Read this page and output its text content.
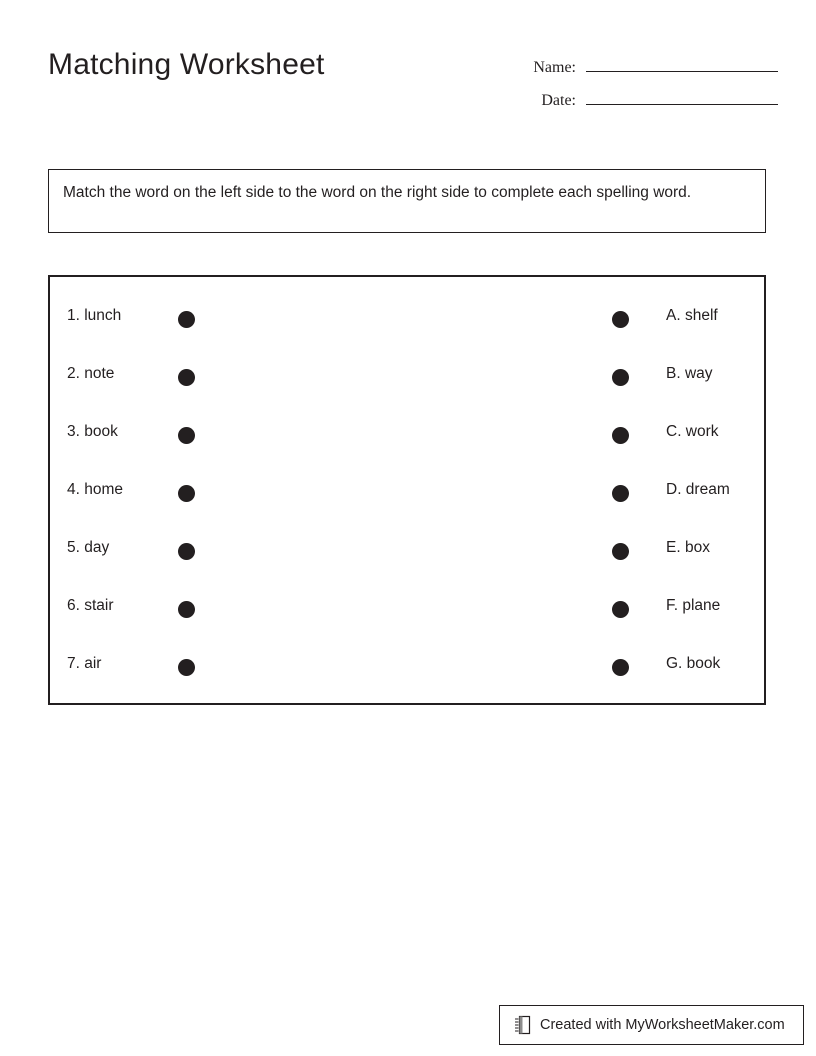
Matching Worksheet	Name:
Date:
Match the word on the left side to the word on the right side to complete each spelling word.
1. lunch	A. shelf
2. note	B. way
3. book	C. work
4. home	D. dream
5. day	E. box
6. stair	F. plane
7. air	G. book
Created with MyWorksheetMaker.com
